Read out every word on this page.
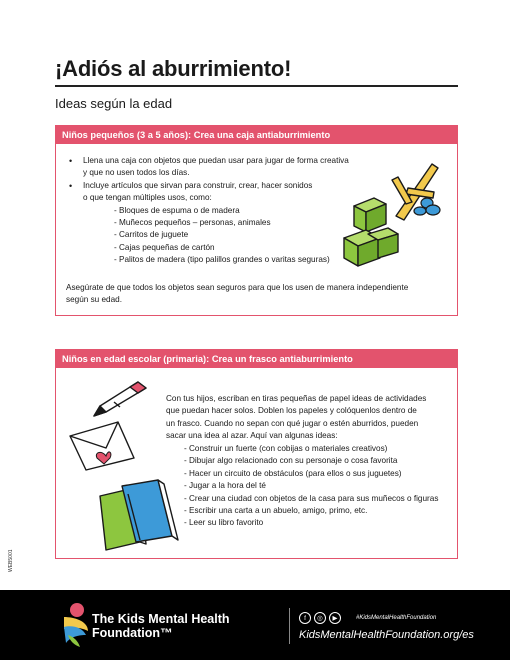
¡Adiós al aburrimiento!
Ideas según la edad
Niños pequeños (3 a 5 años): Crea una caja antiaburrimiento
• Llena una caja con objetos que puedan usar para jugar de forma creativa
y que no usen todos los días.
• Incluye artículos que sirvan para construir, crear, hacer sonidos
o que tengan múltiples usos, como:
- Bloques de espuma o de madera
- Muñecos pequeños – personas, animales
- Carritos de juguete
- Cajas pequeñas de cartón
- Palitos de madera (tipo palillos grandes o varitas seguras)
Asegúrate de que todos los objetos sean seguros para que los usen de manera independiente
según su edad.
Niños en edad escolar (primaria): Crea un frasco antiaburrimiento
Con tus hijos, escriban en tiras pequeñas de papel ideas de actividades
que puedan hacer solos. Doblen los papeles y colóquenlos dentro de
un frasco. Cuando no sepan con qué jugar o estén aburridos, pueden
sacar una idea al azar. Aquí van algunas ideas:
- Construir un fuerte (con cobijas o materiales creativos)
- Dibujar algo relacionado con su personaje o cosa favorita
- Hacer un circuito de obstáculos (para ellos o sus juguetes)
- Jugar a la hora del té
- Crear una ciudad con objetos de la casa para sus muñecos o figuras
- Escribir una carta a un abuelo, amigo, primo, etc.
- Leer su libro favorito
WEB5001
The Kids Mental Health
Foundation™
f	◎	▶	#KidsMentalHealthFoundation
KidsMentalHealthFoundation.org/es
